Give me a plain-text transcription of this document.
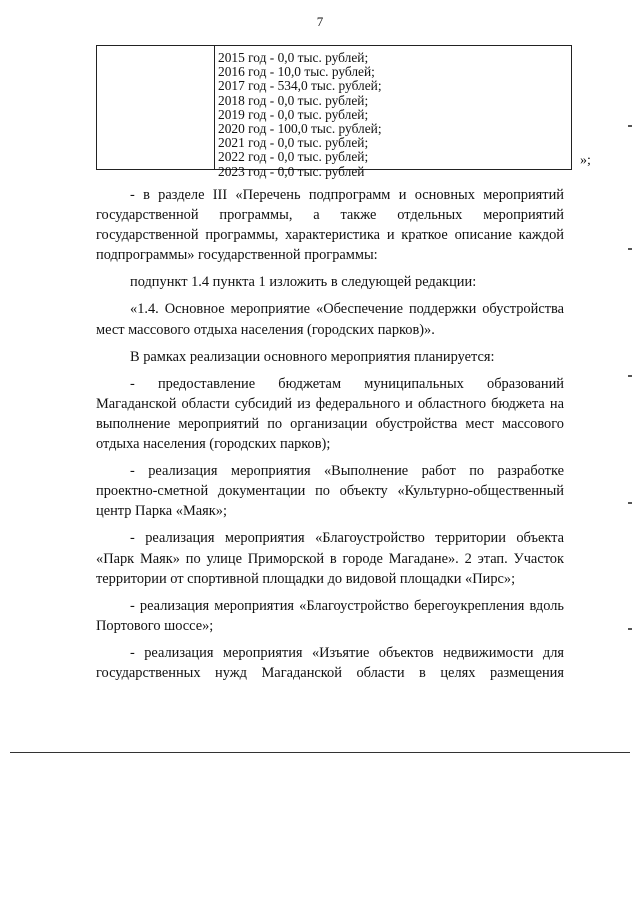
7
2015 год - 0,0 тыс. рублей;
2016 год - 10,0 тыс. рублей;
2017 год - 534,0 тыс. рублей;
2018 год - 0,0 тыс. рублей;
2019 год - 0,0 тыс. рублей;
2020 год - 100,0 тыс. рублей;
2021 год - 0,0 тыс. рублей;
2022 год - 0,0 тыс. рублей;
2023 год - 0,0 тыс. рублей
»;

- в разделе III «Перечень подпрограмм и основных мероприятий государственной программы, а также отдельных мероприятий государственной программы, характеристика и краткое описание каждой подпрограммы» государственной программы:

подпункт 1.4 пункта 1 изложить в следующей редакции:

«1.4. Основное мероприятие «Обеспечение поддержки обустройства мест массового отдыха населения (городских парков)».

В рамках реализации основного мероприятия планируется:

- предоставление бюджетам муниципальных образований Магаданской области субсидий из федерального и областного бюджета на выполнение мероприятий по организации обустройства мест массового отдыха населения (городских парков);

- реализация мероприятия «Выполнение работ по разработке проектно-сметной документации по объекту «Культурно-общественный центр Парка «Маяк»;

- реализация мероприятия «Благоустройство территории объекта «Парк Маяк» по улице Приморской в городе Магадане». 2 этап. Участок территории от спортивной площадки до видовой площадки «Пирс»;

- реализация мероприятия «Благоустройство берегоукрепления вдоль Портового шоссе»;

- реализация мероприятия «Изъятие объектов недвижимости для государственных нужд Магаданской области в целях размещения
